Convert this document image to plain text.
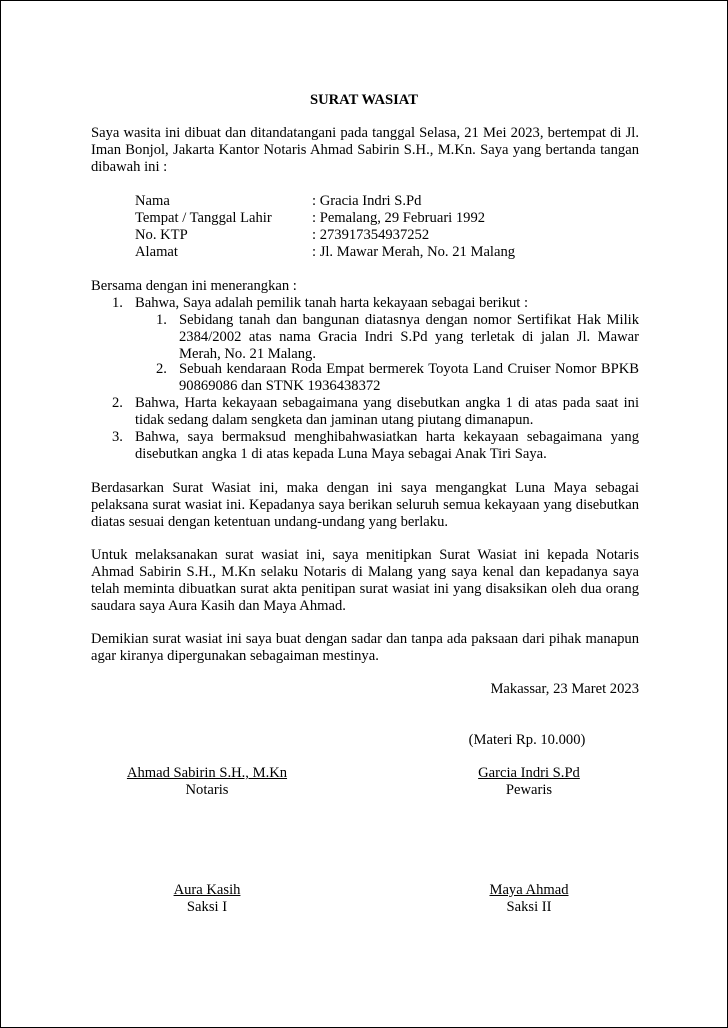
SURAT WASIAT
Saya wasita ini dibuat dan ditandatangani pada tanggal Selasa, 21 Mei 2023, bertempat di Jl. Iman Bonjol, Jakarta Kantor Notaris Ahmad Sabirin S.H., M.Kn. Saya yang bertanda tangan dibawah ini :
Nama	: Gracia Indri S.Pd
Tempat / Tanggal Lahir	: Pemalang, 29 Februari 1992
No. KTP	: 273917354937252
Alamat	: Jl. Mawar Merah, No. 21 Malang
Bersama dengan ini menerangkan :
1. Bahwa, Saya adalah pemilik tanah harta kekayaan sebagai berikut :
1. Sebidang tanah dan bangunan diatasnya dengan nomor Sertifikat Hak Milik 2384/2002 atas nama Gracia Indri S.Pd yang terletak di jalan Jl. Mawar Merah, No. 21 Malang.
2. Sebuah kendaraan Roda Empat bermerek Toyota Land Cruiser Nomor BPKB 90869086 dan STNK 1936438372
2. Bahwa, Harta kekayaan sebagaimana yang disebutkan angka 1 di atas pada saat ini tidak sedang dalam sengketa dan jaminan utang piutang dimanapun.
3. Bahwa, saya bermaksud menghibahwasiatkan harta kekayaan sebagaimana yang disebutkan angka 1 di atas kepada Luna Maya sebagai Anak Tiri Saya.
Berdasarkan Surat Wasiat ini, maka dengan ini saya mengangkat Luna Maya sebagai pelaksana surat wasiat ini. Kepadanya saya berikan seluruh semua kekayaan yang disebutkan diatas sesuai dengan ketentuan undang-undang yang berlaku.
Untuk melaksanakan surat wasiat ini, saya menitipkan Surat Wasiat ini kepada Notaris Ahmad Sabirin S.H., M.Kn selaku Notaris di Malang yang saya kenal dan kepadanya saya telah meminta dibuatkan surat akta penitipan surat wasiat ini yang disaksikan oleh dua orang saudara saya Aura Kasih dan Maya Ahmad.
Demikian surat wasiat ini saya buat dengan sadar dan tanpa ada paksaan dari pihak manapun agar kiranya dipergunakan sebagaiman mestinya.
Makassar, 23 Maret 2023
(Materi Rp. 10.000)
Ahmad Sabirin S.H., M.Kn
Notaris
Garcia Indri S.Pd
Pewaris
Aura Kasih
Saksi I
Maya Ahmad
Saksi II
